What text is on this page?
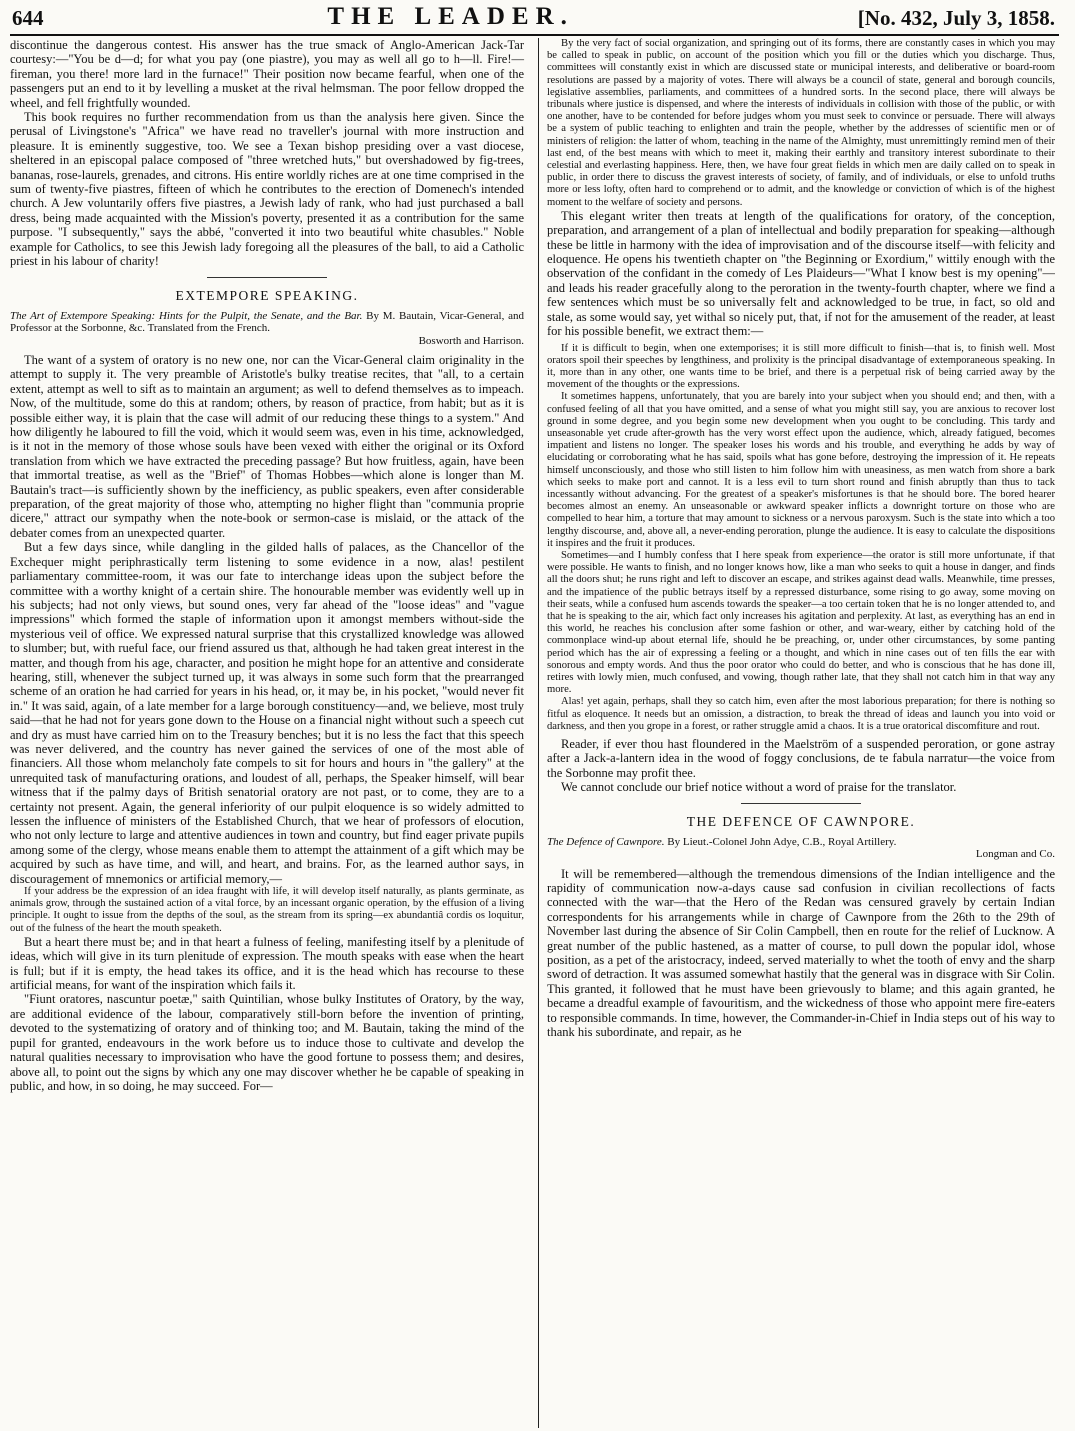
644	THE LEADER.	[No. 432, July 3, 1858.

discontinue the dangerous contest. His answer has the true smack of Anglo-American Jack-Tar courtesy:—"You be d—d; for what you pay (one piastre), you may as well all go to h—ll. Fire!—fireman, you there! more lard in the furnace!" Their position now became fearful, when one of the passengers put an end to it by levelling a musket at the rival helmsman. The poor fellow dropped the wheel, and fell frightfully wounded.

This book requires no further recommendation from us than the analysis here given. Since the perusal of Livingstone's "Africa" we have read no traveller's journal with more instruction and pleasure. It is eminently suggestive, too. We see a Texan bishop presiding over a vast diocese, sheltered in an episcopal palace composed of "three wretched huts," but overshadowed by fig-trees, bananas, rose-laurels, grenades, and citrons. His entire worldly riches are at one time comprised in the sum of twenty-five piastres, fifteen of which he contributes to the erection of Domenech's intended church. A Jew voluntarily offers five piastres, a Jewish lady of rank, who had just purchased a ball dress, being made acquainted with the Mission's poverty, presented it as a contribution for the same purpose. "I subsequently," says the abbé, "converted it into two beautiful white chasubles." Noble example for Catholics, to see this Jewish lady foregoing all the pleasures of the ball, to aid a Catholic priest in his labour of charity!

EXTEMPORE SPEAKING.
The Art of Extempore Speaking: Hints for the Pulpit, the Senate, and the Bar. By M. Bautain, Vicar-General, and Professor at the Sorbonne, &c. Translated from the French.
Bosworth and Harrison.

The want of a system of oratory is no new one, nor can the Vicar-General claim originality in the attempt to supply it. The very preamble of Aristotle's bulky treatise recites, that "all, to a certain extent, attempt as well to sift as to maintain an argument; as well to defend themselves as to impeach. Now, of the multitude, some do this at random; others, by reason of practice, from habit; but as it is possible either way, it is plain that the case will admit of our reducing these things to a system." And how diligently he laboured to fill the void, which it would seem was, even in his time, acknowledged, is it not in the memory of those whose souls have been vexed with either the original or its Oxford translation from which we have extracted the preceding passage? But how fruitless, again, have been that immortal treatise, as well as the "Brief" of Thomas Hobbes—which alone is longer than M. Bautain's tract—is sufficiently shown by the inefficiency, as public speakers, even after considerable preparation, of the great majority of those who, attempting no higher flight than "communia proprie dicere," attract our sympathy when the note-book or sermon-case is mislaid, or the attack of the debater comes from an unexpected quarter.

But a few days since, while dangling in the gilded halls of palaces, as the Chancellor of the Exchequer might periphrastically term listening to some evidence in a now, alas! pestilent parliamentary committee-room, it was our fate to interchange ideas upon the subject before the committee with a worthy knight of a certain shire. The honourable member was evidently well up in his subjects; had not only views, but sound ones, very far ahead of the "loose ideas" and "vague impressions" which formed the staple of information upon it amongst members without-side the mysterious veil of office. We expressed natural surprise that this crystallized knowledge was allowed to slumber; but, with rueful face, our friend assured us that, although he had taken great interest in the matter, and though from his age, character, and position he might hope for an attentive and considerate hearing, still, whenever the subject turned up, it was always in some such form that the prearranged scheme of an oration he had carried for years in his head, or, it may be, in his pocket, "would never fit in." It was said, again, of a late member for a large borough constituency—and, we believe, most truly said—that he had not for years gone down to the House on a financial night without such a speech cut and dry as must have carried him on to the Treasury benches; but it is no less the fact that this speech was never delivered, and the country has never gained the services of one of the most able of financiers. All those whom melancholy fate compels to sit for hours and hours in "the gallery" at the unrequited task of manufacturing orations, and loudest of all, perhaps, the Speaker himself, will bear witness that if the palmy days of British senatorial oratory are not past, or to come, they are to a certainty not present. Again, the general inferiority of our pulpit eloquence is so widely admitted to lessen the influence of ministers of the Established Church, that we hear of professors of elocution, who not only lecture to large and attentive audiences in town and country, but find eager private pupils among some of the clergy, whose means enable them to attempt the attainment of a gift which may be acquired by such as have time, and will, and heart, and brains. For, as the learned author says, in discouragement of mnemonics or artificial memory,—

If your address be the expression of an idea fraught with life, it will develop itself naturally, as plants germinate, as animals grow, through the sustained action of a vital force, by an incessant organic operation, by the effusion of a living principle. It ought to issue from the depths of the soul, as the stream from its spring—ex abundantiâ cordis os loquitur, out of the fulness of the heart the mouth speaketh.

But a heart there must be; and in that heart a fulness of feeling, manifesting itself by a plenitude of ideas, which will give in its turn plenitude of expression. The mouth speaks with ease when the heart is full; but if it is empty, the head takes its office, and it is the head which has recourse to these artificial means, for want of the inspiration which fails it.

"Fiunt oratores, nascuntur poetæ," saith Quintilian, whose bulky Institutes of Oratory, by the way, are additional evidence of the labour, comparatively still-born before the invention of printing, devoted to the systematizing of oratory and of thinking too; and M. Bautain, taking the mind of the pupil for granted, endeavours in the work before us to induce those to cultivate and develop the natural qualities necessary to improvisation who have the good fortune to possess them; and desires, above all, to point out the signs by which any one may discover whether he be capable of speaking in public, and how, in so doing, he may succeed. For—

By the very fact of social organization, and springing out of its forms, there are constantly cases in which you may be called to speak in public, on account of the position which you fill or the duties which you discharge. Thus, committees will constantly exist in which are discussed state or municipal interests, and deliberative or board-room resolutions are passed by a majority of votes. There will always be a council of state, general and borough councils, legislative assemblies, parliaments, and committees of a hundred sorts. In the second place, there will always be tribunals where justice is dispensed, and where the interests of individuals in collision with those of the public, or with one another, have to be contended for before judges whom you must seek to convince or persuade. There will always be a system of public teaching to enlighten and train the people, whether by the addresses of scientific men or of ministers of religion: the latter of whom, teaching in the name of the Almighty, must unremittingly remind men of their last end, of the best means with which to meet it, making their earthly and transitory interest subordinate to their celestial and everlasting happiness. Here, then, we have four great fields in which men are daily called on to speak in public, in order there to discuss the gravest interests of society, of family, and of individuals, or else to unfold truths more or less lofty, often hard to comprehend or to admit, and the knowledge or conviction of which is of the highest moment to the welfare of society and persons.

This elegant writer then treats at length of the qualifications for oratory, of the conception, preparation, and arrangement of a plan of intellectual and bodily preparation for speaking—although these be little in harmony with the idea of improvisation and of the discourse itself—with felicity and eloquence. He opens his twentieth chapter on "the Beginning or Exordium," wittily enough with the observation of the confidant in the comedy of Les Plaideurs—"What I know best is my opening"—and leads his reader gracefully along to the peroration in the twenty-fourth chapter, where we find a few sentences which must be so universally felt and acknowledged to be true, in fact, so old and stale, as some would say, yet withal so nicely put, that, if not for the amusement of the reader, at least for his possible benefit, we extract them:—

If it is difficult to begin, when one extemporises; it is still more difficult to finish—that is, to finish well. Most orators spoil their speeches by lengthiness, and prolixity is the principal disadvantage of extemporaneous speaking. In it, more than in any other, one wants time to be brief, and there is a perpetual risk of being carried away by the movement of the thoughts or the expressions.

It sometimes happens, unfortunately, that you are barely into your subject when you should end; and then, with a confused feeling of all that you have omitted, and a sense of what you might still say, you are anxious to recover lost ground in some degree, and you begin some new development when you ought to be concluding. This tardy and unseasonable yet crude after-growth has the very worst effect upon the audience, which, already fatigued, becomes impatient and listens no longer. The speaker loses his words and his trouble, and everything he adds by way of elucidating or corroborating what he has said, spoils what has gone before, destroying the impression of it. He repeats himself unconsciously, and those who still listen to him follow him with uneasiness, as men watch from shore a bark which seeks to make port and cannot. It is a less evil to turn short round and finish abruptly than thus to tack incessantly without advancing. For the greatest of a speaker's misfortunes is that he should bore. The bored hearer becomes almost an enemy. An unseasonable or awkward speaker inflicts a downright torture on those who are compelled to hear him, a torture that may amount to sickness or a nervous paroxysm. Such is the state into which a too lengthy discourse, and, above all, a never-ending peroration, plunge the audience. It is easy to calculate the dispositions it inspires and the fruit it produces.

Sometimes—and I humbly confess that I here speak from experience—the orator is still more unfortunate, if that were possible. He wants to finish, and no longer knows how, like a man who seeks to quit a house in danger, and finds all the doors shut; he runs right and left to discover an escape, and strikes against dead walls. Meanwhile, time presses, and the impatience of the public betrays itself by a repressed disturbance, some rising to go away, some moving on their seats, while a confused hum ascends towards the speaker—a too certain token that he is no longer attended to, and that he is speaking to the air, which fact only increases his agitation and perplexity. At last, as everything has an end in this world, he reaches his conclusion after some fashion or other, and war-weary, either by catching hold of the commonplace wind-up about eternal life, should he be preaching, or, under other circumstances, by some panting period which has the air of expressing a feeling or a thought, and which in nine cases out of ten fills the ear with sonorous and empty words. And thus the poor orator who could do better, and who is conscious that he has done ill, retires with lowly mien, much confused, and vowing, though rather late, that they shall not catch him in that way any more.

Alas! yet again, perhaps, shall they so catch him, even after the most laborious preparation; for there is nothing so fitful as eloquence. It needs but an omission, a distraction, to break the thread of ideas and launch you into void or darkness, and then you grope in a forest, or rather struggle amid a chaos. It is a true oratorical discomfiture and rout.

Reader, if ever thou hast floundered in the Maelström of a suspended peroration, or gone astray after a Jack-a-lantern idea in the wood of foggy conclusions, de te fabula narratur—the voice from the Sorbonne may profit thee.

We cannot conclude our brief notice without a word of praise for the translator.

THE DEFENCE OF CAWNPORE.
The Defence of Cawnpore. By Lieut.-Colonel John Adye, C.B., Royal Artillery.
Longman and Co.

It will be remembered—although the tremendous dimensions of the Indian intelligence and the rapidity of communication now-a-days cause sad confusion in civilian recollections of facts connected with the war—that the Hero of the Redan was censured gravely by certain Indian correspondents for his arrangements while in charge of Cawnpore from the 26th to the 29th of November last during the absence of Sir Colin Campbell, then en route for the relief of Lucknow. A great number of the public hastened, as a matter of course, to pull down the popular idol, whose position, as a pet of the aristocracy, indeed, served materially to whet the tooth of envy and the sharp sword of detraction. It was assumed somewhat hastily that the general was in disgrace with Sir Colin. This granted, it followed that he must have been grievously to blame; and this again granted, he became a dreadful example of favouritism, and the wickedness of those who appoint mere fire-eaters to responsible commands. In time, however, the Commander-in-Chief in India steps out of his way to thank his subordinate, and repair, as he
